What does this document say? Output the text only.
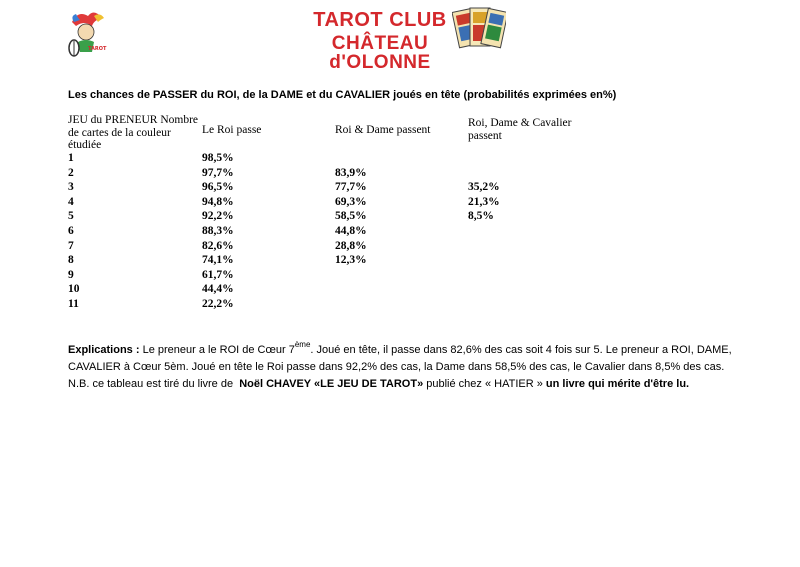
TAROT
TAROT CLUB
CHÂTEAU d'OLONNE
Les chances de PASSER du ROI, de la DAME et du CAVALIER joués en tête (probabilités exprimées en%)
JEU du PRENEUR Nombre
de cartes de la couleur
étudiée
Le Roi passe	Roi & Dame passent
Roi, Dame & Cavalier
passent
1	98,5%
2	97,7%	83,9%
3	96,5%	77,7%	35,2%
4	94,8%	69,3%	21,3%
5	92,2%	58,5%	8,5%
6	88,3%	44,8%
7	82,6%	28,8%
8	74,1%	12,3%
9	61,7%
10	44,4%
11	22,2%
Explications : Le preneur a le ROI de Cœur 7ème. Joué en tête, il passe dans 82,6% des cas soit 4 fois sur 5. Le preneur a ROI, DAME, CAVALIER à Cœur 5èm. Joué en tête le Roi passe dans 92,2% des cas, la Dame dans 58,5% des cas, le Cavalier dans 8,5% des cas.
N.B. ce tableau est tiré du livre de  Noël CHAVEY «LE JEU DE TAROT» publié chez « HATIER » un livre qui mérite d'être lu.
